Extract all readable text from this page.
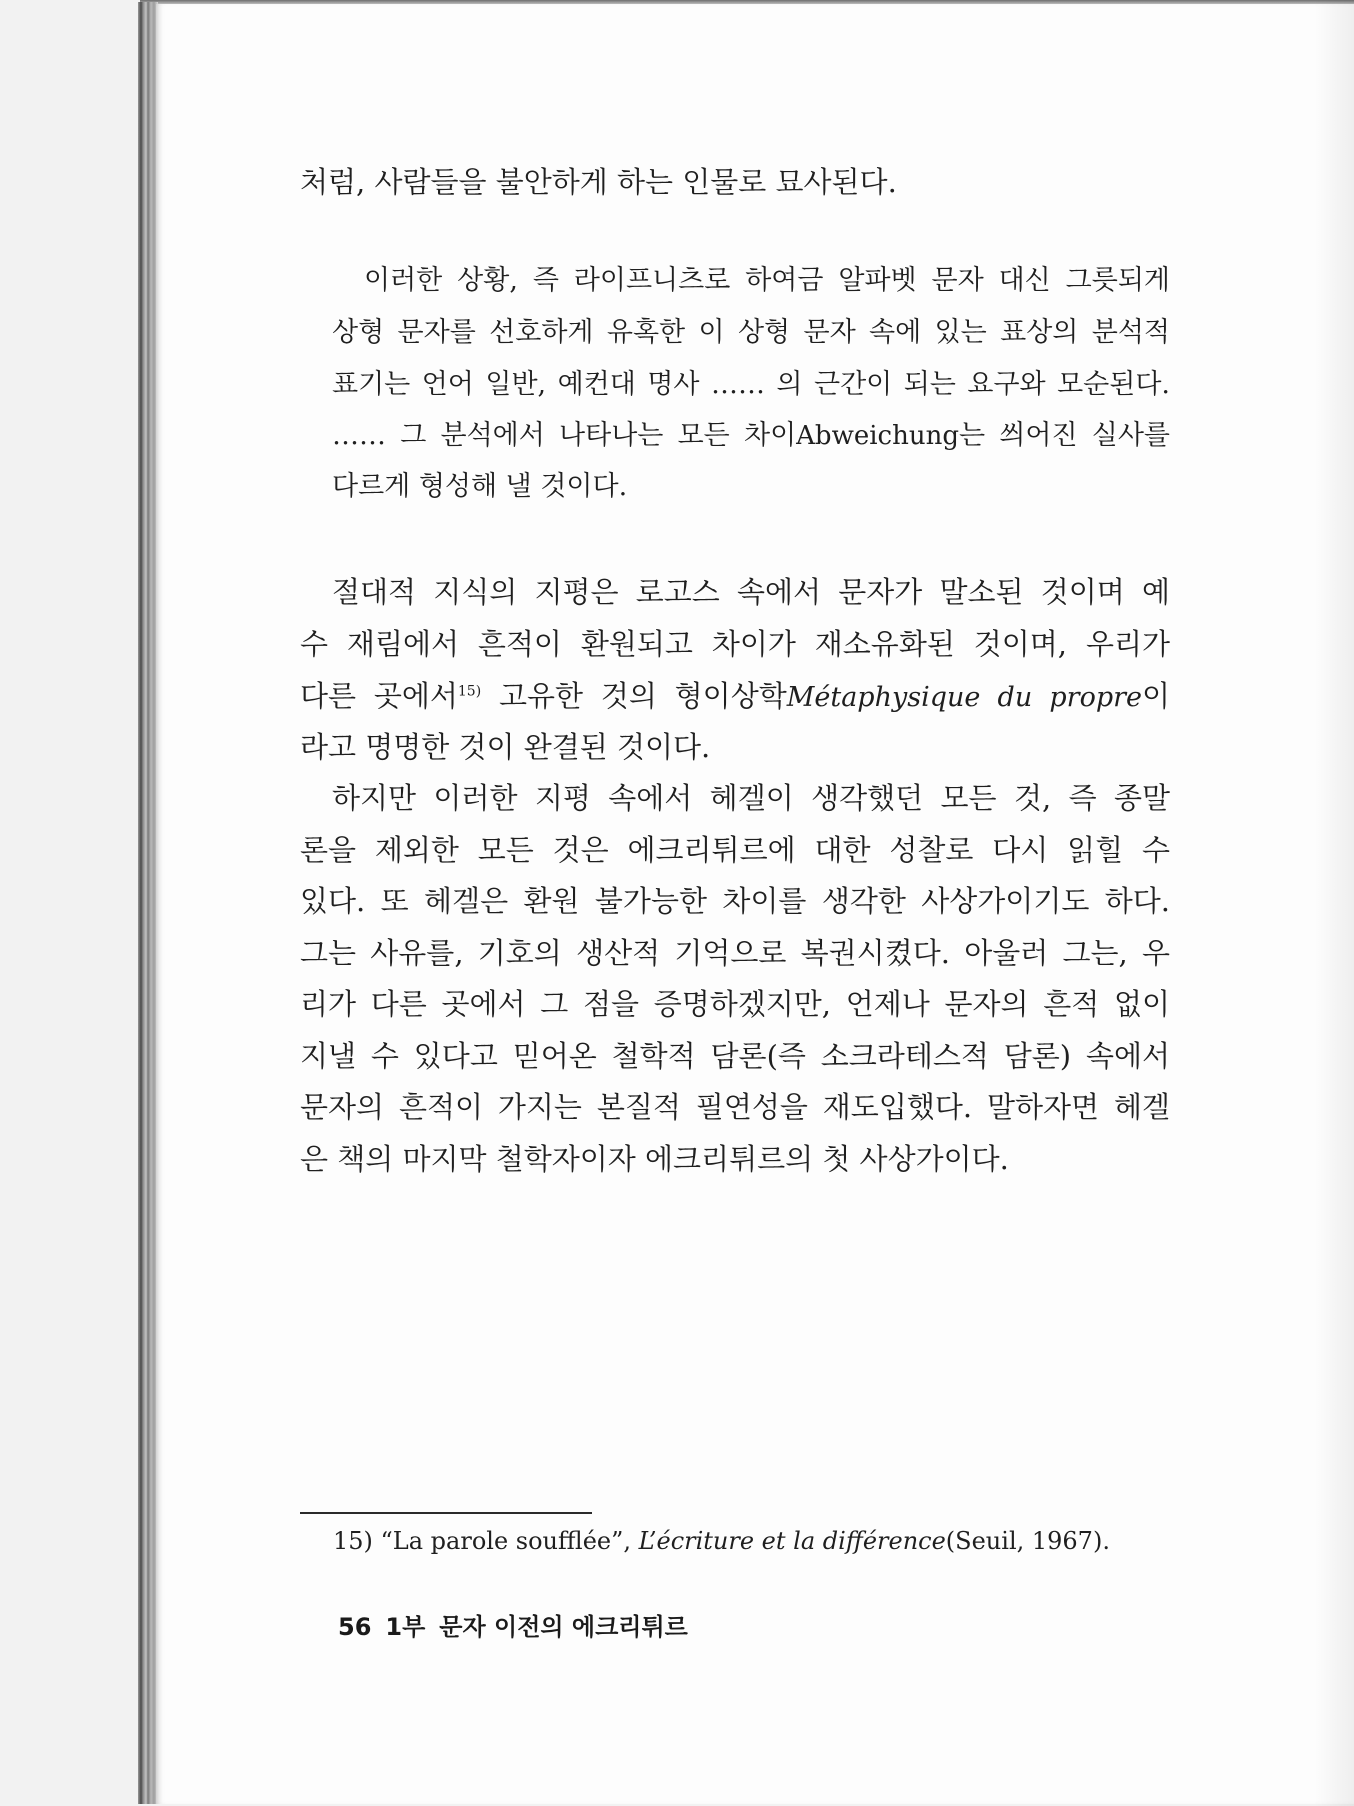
처럼, 사람들을 불안하게 하는 인물로 묘사된다.
이러한 상황, 즉 라이프니츠로 하여금 알파벳 문자 대신 그릇되게
상형 문자를 선호하게 유혹한 이 상형 문자 속에 있는 표상의 분석적
표기는 언어 일반, 예컨대 명사 …… 의 근간이 되는 요구와 모순된다.
…… 그 분석에서 나타나는 모든 차이Abweichung는 씌어진 실사를
다르게 형성해 낼 것이다.
절대적 지식의 지평은 로고스 속에서 문자가 말소된 것이며 예
수 재림에서 흔적이 환원되고 차이가 재소유화된 것이며, 우리가
다른 곳에서$^{15)}$ 고유한 것의 형이상학Métaphysique du propre이
라고 명명한 것이 완결된 것이다.
하지만 이러한 지평 속에서 헤겔이 생각했던 모든 것, 즉 종말
론을 제외한 모든 것은 에크리튀르에 대한 성찰로 다시 읽힐 수
있다. 또 헤겔은 환원 불가능한 차이를 생각한 사상가이기도 하다.
그는 사유를, 기호의 생산적 기억으로 복권시켰다. 아울러 그는, 우
리가 다른 곳에서 그 점을 증명하겠지만, 언제나 문자의 흔적 없이
지낼 수 있다고 믿어온 철학적 담론(즉 소크라테스적 담론) 속에서
문자의 흔적이 가지는 본질적 필연성을 재도입했다. 말하자면 헤겔
은 책의 마지막 철학자이자 에크리튀르의 첫 사상가이다.
15) “La parole soufflée”, L’écriture et la différence(Seuil, 1967).
56 1부 문자 이전의 에크리튀르
